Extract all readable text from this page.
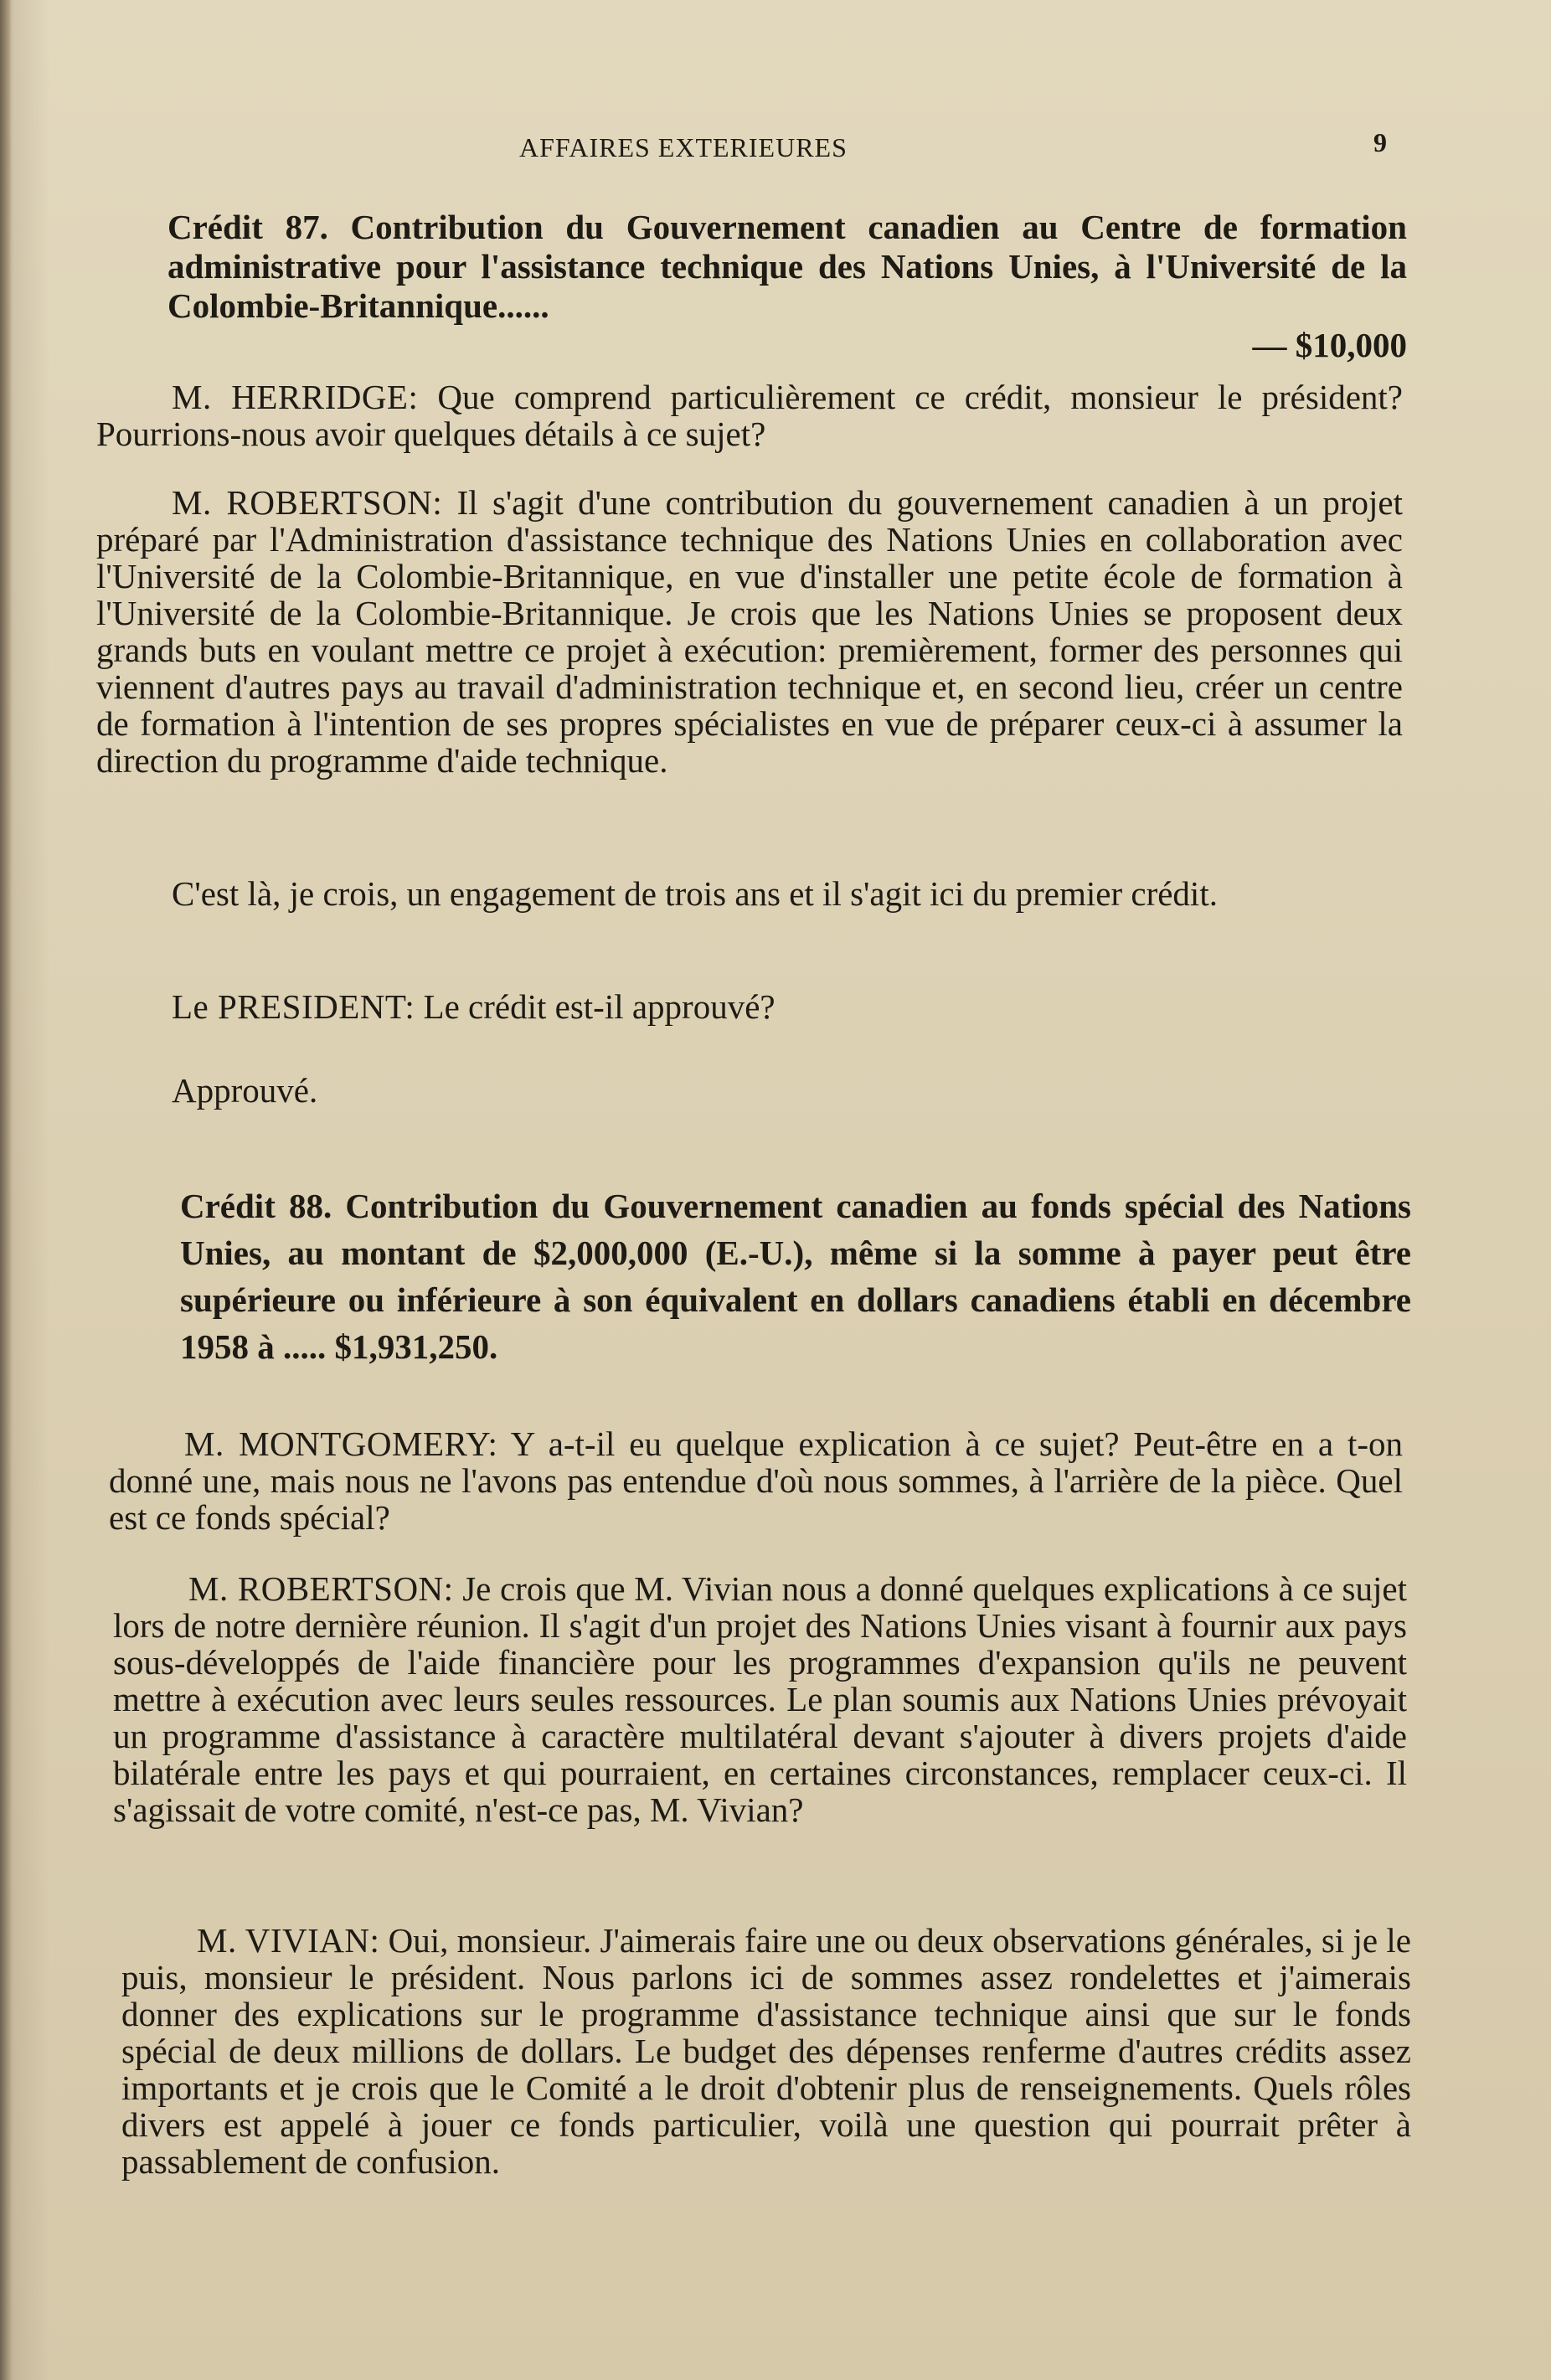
AFFAIRES EXTERIEURES	9
Crédit 87. Contribution du Gouvernement canadien au Centre de formation administrative pour l'assistance technique des Nations Unies, à l'Université de la Colombie-Britannique......
— $10,000

M. HERRIDGE: Que comprend particulièrement ce crédit, monsieur le président? Pourrions-nous avoir quelques détails à ce sujet?

M. ROBERTSON: Il s'agit d'une contribution du gouvernement canadien à un projet préparé par l'Administration d'assistance technique des Nations Unies en collaboration avec l'Université de la Colombie-Britannique, en vue d'installer une petite école de formation à l'Université de la Colombie-Britannique. Je crois que les Nations Unies se proposent deux grands buts en voulant mettre ce projet à exécution: premièrement, former des personnes qui viennent d'autres pays au travail d'administration technique et, en second lieu, créer un centre de formation à l'intention de ses propres spécialistes en vue de préparer ceux-ci à assumer la direction du programme d'aide technique.

C'est là, je crois, un engagement de trois ans et il s'agit ici du premier crédit.

Le PRESIDENT: Le crédit est-il approuvé?

Approuvé.

Crédit 88. Contribution du Gouvernement canadien au fonds spécial des Nations Unies, au montant de $2,000,000 (E.-U.), même si la somme à payer peut être supérieure ou inférieure à son équivalent en dollars canadiens établi en décembre 1958 à ..... $1,931,250.

M. MONTGOMERY: Y a-t-il eu quelque explication à ce sujet? Peut-être en a t-on donné une, mais nous ne l'avons pas entendue d'où nous sommes, à l'arrière de la pièce. Quel est ce fonds spécial?

M. ROBERTSON: Je crois que M. Vivian nous a donné quelques explications à ce sujet lors de notre dernière réunion. Il s'agit d'un projet des Nations Unies visant à fournir aux pays sous-développés de l'aide financière pour les programmes d'expansion qu'ils ne peuvent mettre à exécution avec leurs seules ressources. Le plan soumis aux Nations Unies prévoyait un programme d'assistance à caractère multilatéral devant s'ajouter à divers projets d'aide bilatérale entre les pays et qui pourraient, en certaines circonstances, remplacer ceux-ci. Il s'agissait de votre comité, n'est-ce pas, M. Vivian?

M. VIVIAN: Oui, monsieur. J'aimerais faire une ou deux observations générales, si je le puis, monsieur le président. Nous parlons ici de sommes assez rondelettes et j'aimerais donner des explications sur le programme d'assistance technique ainsi que sur le fonds spécial de deux millions de dollars. Le budget des dépenses renferme d'autres crédits assez importants et je crois que le Comité a le droit d'obtenir plus de renseignements. Quels rôles divers est appelé à jouer ce fonds particulier, voilà une question qui pourrait prêter à passablement de confusion.
